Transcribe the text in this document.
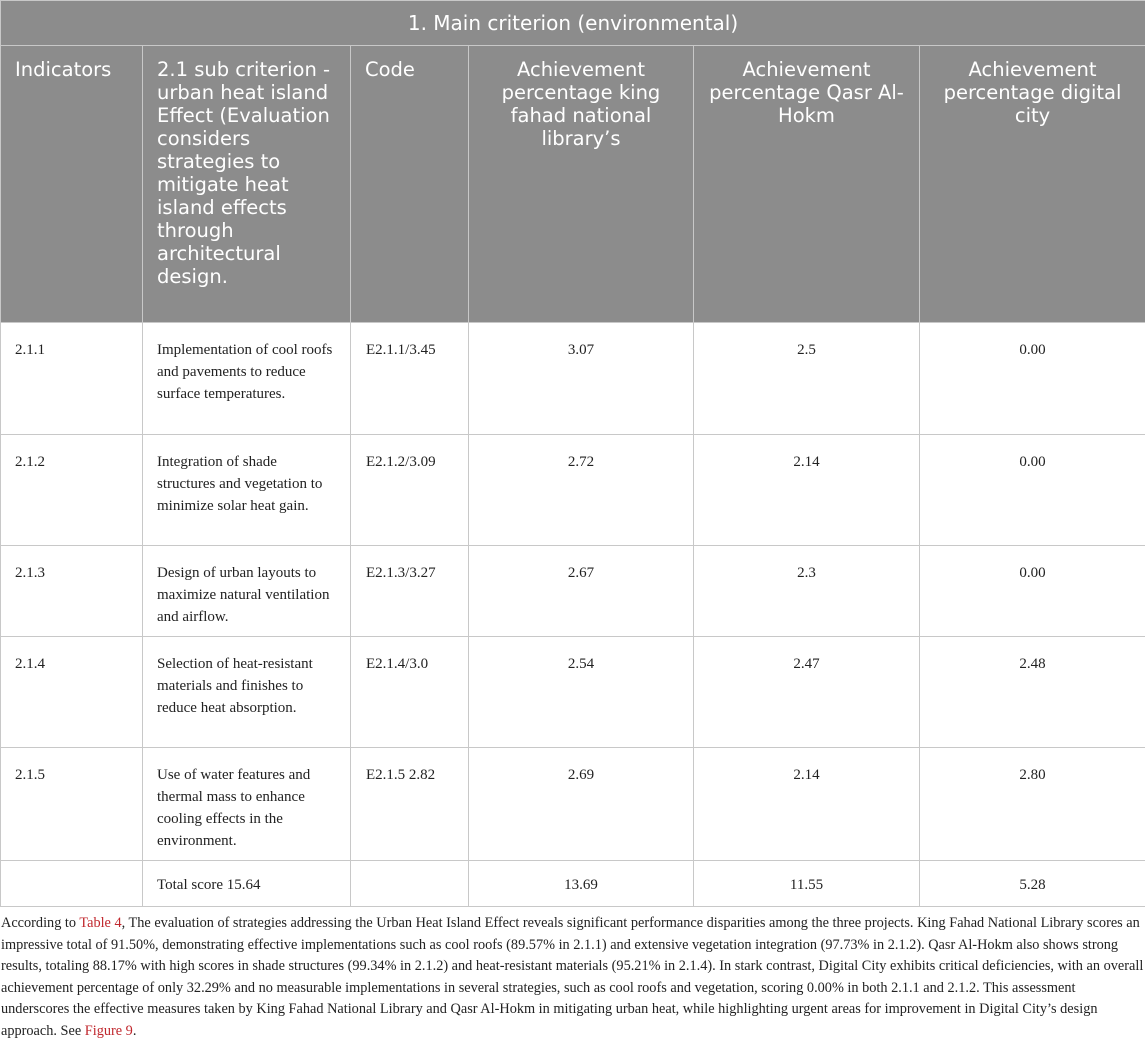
1. Main criterion (environmental)					
Indicators	2.1 sub criterion - urban heat island Effect (Evaluation considers strategies to mitigate heat island effects through architectural design.	Code	Achievement percentage king fahad national library’s	Achievement percentage Qasr Al-Hokm	Achievement percentage digital city
2.1.1	Implementation of cool roofs and pavements to reduce surface temperatures.	E2.1.1/3.45	3.07	2.5	0.00
2.1.2	Integration of shade structures and vegetation to minimize solar heat gain.	E2.1.2/3.09	2.72	2.14	0.00
2.1.3	Design of urban layouts to maximize natural ventilation and airflow.	E2.1.3/3.27	2.67	2.3	0.00
2.1.4	Selection of heat-resistant materials and finishes to reduce heat absorption.	E2.1.4/3.0	2.54	2.47	2.48
2.1.5	Use of water features and thermal mass to enhance cooling effects in the environment.	E2.1.5 2.82	2.69	2.14	2.80
	Total score 15.64		13.69	11.55	5.28

According to Table 4, The evaluation of strategies addressing the Urban Heat Island Effect reveals significant performance disparities among the three projects. King Fahad National Library scores an impressive total of 91.50%, demonstrating effective implementations such as cool roofs (89.57% in 2.1.1) and extensive vegetation integration (97.73% in 2.1.2). Qasr Al-Hokm also shows strong results, totaling 88.17% with high scores in shade structures (99.34% in 2.1.2) and heat-resistant materials (95.21% in 2.1.4). In stark contrast, Digital City exhibits critical deficiencies, with an overall achievement percentage of only 32.29% and no measurable implementations in several strategies, such as cool roofs and vegetation, scoring 0.00% in both 2.1.1 and 2.1.2. This assessment underscores the effective measures taken by King Fahad National Library and Qasr Al-Hokm in mitigating urban heat, while highlighting urgent areas for improvement in Digital City’s design approach. See Figure 9.
